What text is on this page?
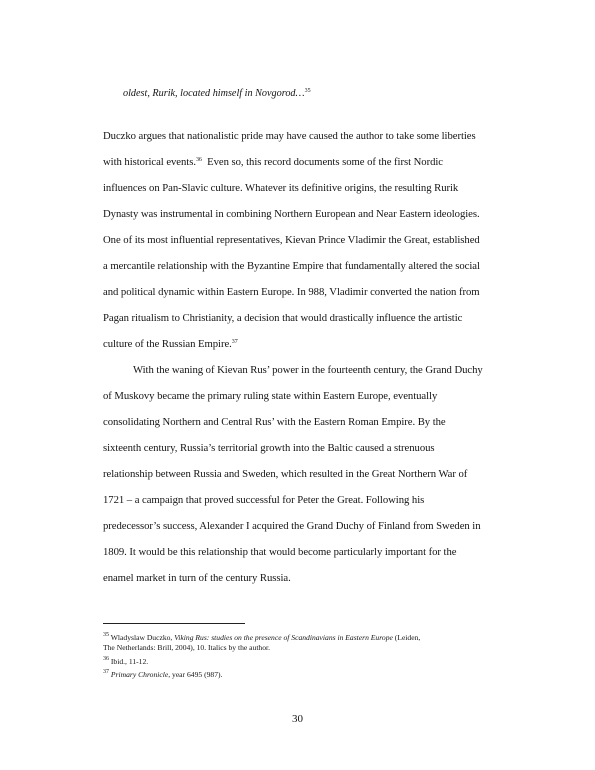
oldest, Rurik, located himself in Novgorod…$^{35}$
Duczko argues that nationalistic pride may have caused the author to take some liberties
with historical events.$^{36}$  Even so, this record documents some of the first Nordic
influences on Pan-Slavic culture. Whatever its definitive origins, the resulting Rurik
Dynasty was instrumental in combining Northern European and Near Eastern ideologies.
One of its most influential representatives, Kievan Prince Vladimir the Great, established
a mercantile relationship with the Byzantine Empire that fundamentally altered the social
and political dynamic within Eastern Europe. In 988, Vladimir converted the nation from
Pagan ritualism to Christianity, a decision that would drastically influence the artistic
culture of the Russian Empire.$^{37}$
With the waning of Kievan Rus’ power in the fourteenth century, the Grand Duchy
of Muskovy became the primary ruling state within Eastern Europe, eventually
consolidating Northern and Central Rus’ with the Eastern Roman Empire. By the
sixteenth century, Russia’s territorial growth into the Baltic caused a strenuous
relationship between Russia and Sweden, which resulted in the Great Northern War of
1721 – a campaign that proved successful for Peter the Great. Following his
predecessor’s success, Alexander I acquired the Grand Duchy of Finland from Sweden in
1809. It would be this relationship that would become particularly important for the
enamel market in turn of the century Russia.
$^{35}$ Wladyslaw Duczko, Viking Rus: studies on the presence of Scandinavians in Eastern Europe (Leiden,
The Netherlands: Brill, 2004), 10. Italics by the author.
$^{36}$ Ibid., 11-12.
$^{37}$ Primary Chronicle, year 6495 (987).
30
